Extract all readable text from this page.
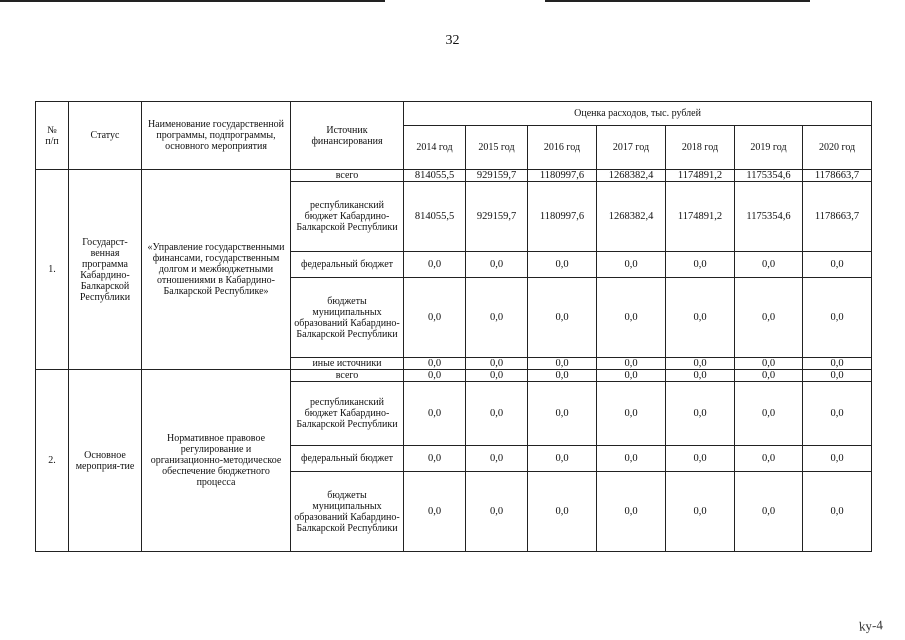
32
№
п/п	Статус	Наименование государственной программы, подпрограммы, основного мероприятия	Источник финансирования	Оценка расходов, тыс. рублей						
				2014 год	2015 год	2016 год	2017 год	2018 год	2019 год	2020 год
1.	Государст-венная программа Кабардино-Балкарской Республики	«Управление государственными финансами, государственным долгом и межбюджетными отношениями в Кабардино-Балкарской Республике»	всего	814055,5	929159,7	1180997,6	1268382,4	1174891,2	1175354,6	1178663,7
			республиканский бюджет Кабардино-Балкарской Республики	814055,5	929159,7	1180997,6	1268382,4	1174891,2	1175354,6	1178663,7
			федеральный бюджет	0,0	0,0	0,0	0,0	0,0	0,0	0,0
			бюджеты муниципальных образований Кабардино-Балкарской Республики	0,0	0,0	0,0	0,0	0,0	0,0	0,0
			иные источники	0,0	0,0	0,0	0,0	0,0	0,0	0,0
2.	Основное мероприя-тие	Нормативное правовое регулирование и организационно-методическое обеспечение бюджетного процесса	всего	0,0	0,0	0,0	0,0	0,0	0,0	0,0
			республиканский бюджет Кабардино-Балкарской Республики	0,0	0,0	0,0	0,0	0,0	0,0	0,0
			федеральный бюджет	0,0	0,0	0,0	0,0	0,0	0,0	0,0
			бюджеты муниципальных образований Кабардино-Балкарской Республики	0,0	0,0	0,0	0,0	0,0	0,0	0,0
ky-4
